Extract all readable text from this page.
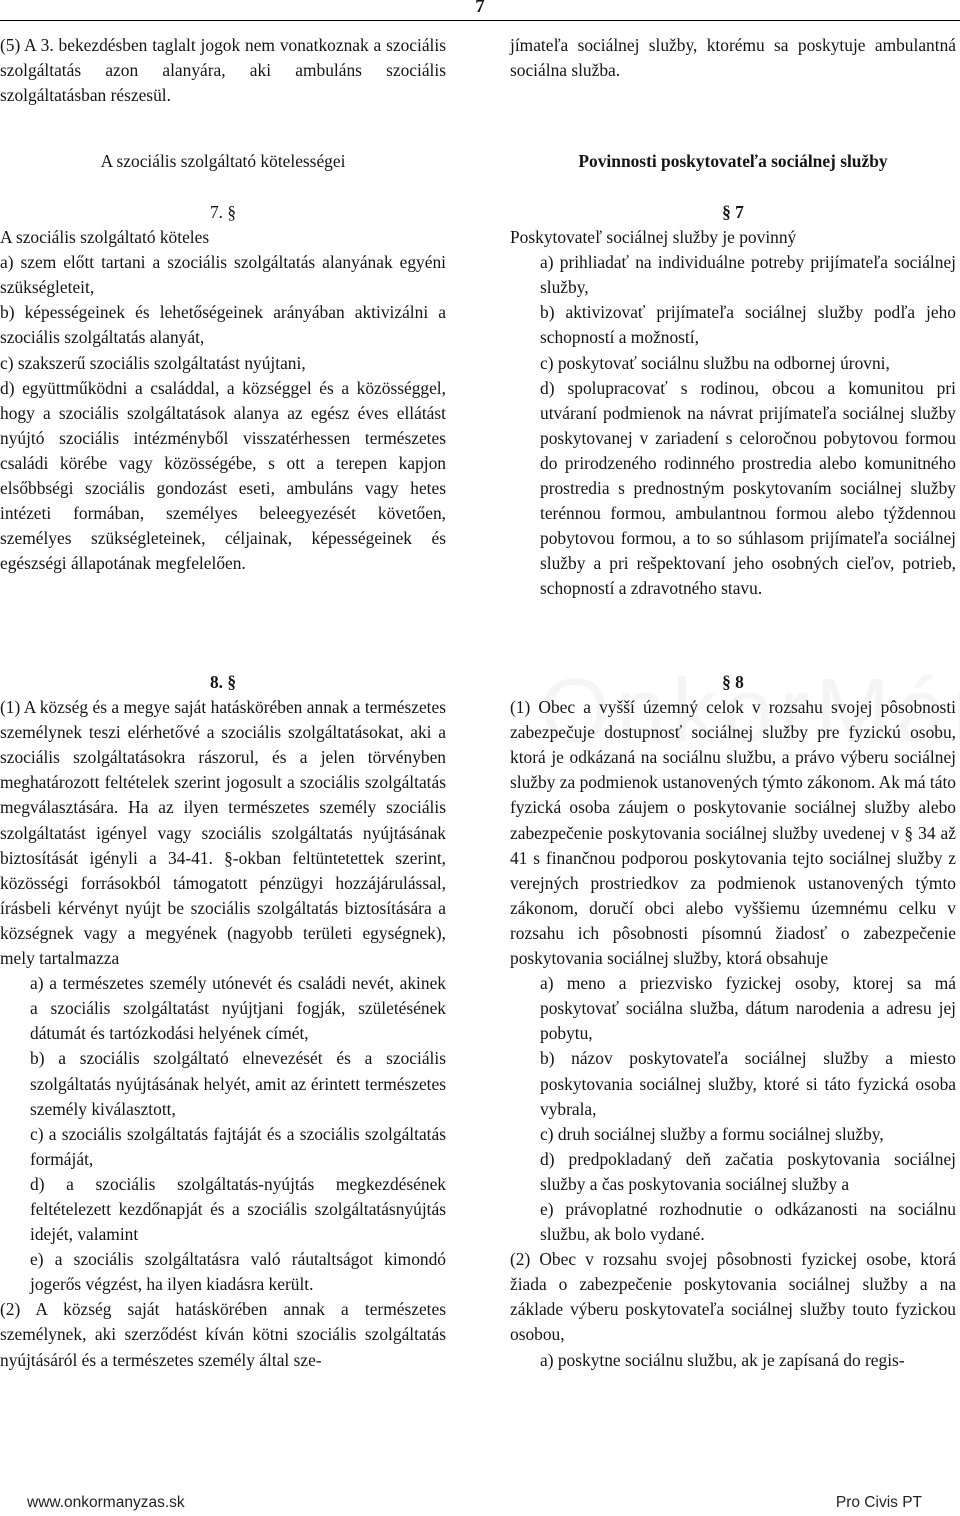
7

(5) A 3. bekezdésben taglalt jogok nem vonatkoznak a szociális szolgáltatás azon alanyára, aki ambuláns szociális szolgáltatásban részesül.

A szociális szolgáltató kötelességei

7. §

A szociális szolgáltató köteles

a) szem előtt tartani a szociális szolgáltatás alanyának egyéni szükségleteit,

b) képességeinek és lehetőségeinek arányában aktivizálni a szociális szolgáltatás alanyát,

c) szakszerű szociális szolgáltatást nyújtani,

d) együttműködni a családdal, a községgel és a közösséggel, hogy a szociális szolgáltatások alanya az egész éves ellátást nyújtó szociális intézményből visszatérhessen természetes családi körébe vagy közösségébe, s ott a terepen kapjon elsőbbségi szociális gondozást eseti, ambuláns vagy hetes intézeti formában, személyes beleegyezését követően, személyes szükségleteinek, céljainak, képességeinek és egészségi állapotának megfelelően.

8. §

(1) A község és a megye saját hatáskörében annak a természetes személynek teszi elérhetővé a szociális szolgáltatásokat, aki a szociális szolgáltatásokra rászorul, és a jelen törvényben meghatározott feltételek szerint jogosult a szociális szolgáltatás megválasztására. Ha az ilyen természetes személy szociális szolgáltatást igényel vagy szociális szolgáltatás nyújtásának biztosítását igényli a 34-41. §-okban feltüntetettek szerint, közösségi forrásokból támogatott pénzügyi hozzájárulással, írásbeli kérvényt nyújt be szociális szolgáltatás biztosítására a községnek vagy a megyének (nagyobb területi egységnek), mely tartalmazza

a) a természetes személy utónevét és családi nevét, akinek a szociális szolgáltatást nyújtjani fogják, születésének dátumát és tartózkodási helyének címét,

b) a szociális szolgáltató elnevezését és a szociális szolgáltatás nyújtásának helyét, amit az érintett természetes személy kiválasztott,

c) a szociális szolgáltatás fajtáját és a szociális szolgáltatás formáját,

d) a szociális szolgáltatás-nyújtás megkezdésének feltételezett kezdőnapját és a szociális szolgáltatásnyújtás idejét, valamint

e) a szociális szolgáltatásra való ráutaltságot kimondó jogerős végzést, ha ilyen kiadásra került.

(2) A község saját hatáskörében annak a természetes személynek, aki szerződést kíván kötni szociális szolgáltatás nyújtásáról és a természetes személy által sze-

jímateľa sociálnej služby, ktorému sa poskytuje ambulantná sociálna služba.

Povinnosti poskytovateľa sociálnej služby

§ 7

Poskytovateľ sociálnej služby je povinný

a) prihliadať na individuálne potreby prijímateľa sociálnej služby,

b) aktivizovať prijímateľa sociálnej služby podľa jeho schopností a možností,

c) poskytovať sociálnu službu na odbornej úrovni,

d) spolupracovať s rodinou, obcou a komunitou pri utváraní podmienok na návrat prijímateľa sociálnej služby poskytovanej v zariadení s celoročnou pobytovou formou do prirodzeného rodinného prostredia alebo komunitného prostredia s prednostným poskytovaním sociálnej služby terénnou formou, ambulantnou formou alebo týždennou pobytovou formou, a to so súhlasom prijímateľa sociálnej služby a pri rešpektovaní jeho osobných cieľov, potrieb, schopností a zdravotného stavu.

§ 8

(1) Obec a vyšší územný celok v rozsahu svojej pôsobnosti zabezpečuje dostupnosť sociálnej služby pre fyzickú osobu, ktorá je odkázaná na sociálnu službu, a právo výberu sociálnej služby za podmienok ustanovených týmto zákonom. Ak má táto fyzická osoba záujem o poskytovanie sociálnej služby alebo zabezpečenie poskytovania sociálnej služby uvedenej v § 34 až 41 s finančnou podporou poskytovania tejto sociálnej služby z verejných prostriedkov za podmienok ustanovených týmto zákonom, doručí obci alebo vyššiemu územnému celku v rozsahu ich pôsobnosti písomnú žiadosť o zabezpečenie poskytovania sociálnej služby, ktorá obsahuje

a) meno a priezvisko fyzickej osoby, ktorej sa má poskytovať sociálna služba, dátum narodenia a adresu jej pobytu,

b) názov poskytovateľa sociálnej služby a miesto poskytovania sociálnej služby, ktoré si táto fyzická osoba vybrala,

c) druh sociálnej služby a formu sociálnej služby,

d) predpokladaný deň začatia poskytovania sociálnej služby a čas poskytovania sociálnej služby a

e) právoplatné rozhodnutie o odkázanosti na sociálnu službu, ak bolo vydané.

(2) Obec v rozsahu svojej pôsobnosti fyzickej osobe, ktorá žiada o zabezpečenie poskytovania sociálnej služby a na základe výberu poskytovateľa sociálnej služby touto fyzickou osobou,

a) poskytne sociálnu službu, ak je zapísaná do regis-

www.onkormanyzas.sk	Pro Civis PT
